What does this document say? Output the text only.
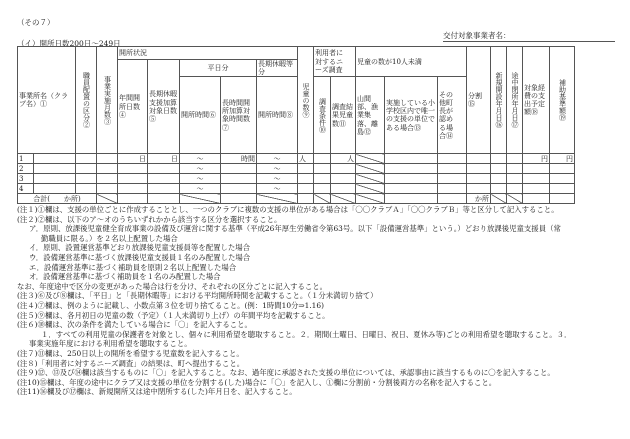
（その７）
交付対象事業者名：
（イ）開所日数200日～249日
事業所名（クラブ名）①		職員配置の区分②	事業実施月数③	開所状況					児童の数⑨	利用者に対するニーズ調査		児童の数が10人未満			分割⑮	新規開設年月日⑯	途中閉所年月日⑰	対象経費の支出予定額⑱	補助基準額⑲

				年間開所日数④	長期休暇支援加算対象日数⑤	平日分		長期休暇等分											

						開所時間⑥	長時間開所加算対象時間数⑦	開所時間⑧		調査条件⑩	調査結果児童数⑪	山間部、漁業集落、離島⑫	実施している小学校区内で唯一の支援の単位である場合⑬	その他町長が認める場合⑭					

1				日	日	～	時間	～	人		人							円	円
2						～		～											
3						～		～											
4						～		～											
合計(　　か所)															か所				
(注１)①欄は、支援の単位ごとに作成することとし、一つのクラブに複数の支援の単位がある場合は「〇〇クラブＡ」「〇〇クラブＢ」等と区分して記入すること。
(注２)②欄は、以下のア～オのうちいずれかから該当する区分を選択すること。
ア．原則、放課後児童健全育成事業の設備及び運営に関する基準（平成26年厚生労働省令第63号。以下「設備運営基準」という。）どおり放課後児童支援員（常
勤職員に限る。）を２名以上配置した場合
イ．原則、設置運営基準どおり放課後児童支援員等を配置した場合
ウ．設備運営基準に基づく放課後児童支援員１名のみ配置した場合
エ．設備運営基準に基づく補助員を原則２名以上配置した場合
オ．設備運営基準に基づく補助員を１名のみ配置した場合
なお、年度途中で区分の変更があった場合は行を分け、それぞれの区分ごとに記入すること。
(注３)⑥及び⑧欄は、「平日」と「長期休暇等」における平均開所時間を記載すること。（１分未満切り捨て）
(注４)⑦欄は、例のように記載し、小数点第３位を切り捨てること。(例：1時間10分⇒1.16)
(注５)⑨欄は、各月初日の児童の数（予定）（１人未満切り上げ）の年間平均を記載すること。
(注６)⑩欄は、次の条件を満たしている場合に「〇」を記入すること。
１．すべての利用児童の保護者を対象とし、個々に利用希望を聴取すること。２．期間(土曜日、日曜日、祝日、夏休み等)ごとの利用希望を聴取すること。３．
事業実施年度における利用希望を聴取すること。
(注７)⑪欄は、250日以上の開所を希望する児童数を記入すること。
(注８)「利用者に対するニーズ調査」の結果は、町へ提出すること。
(注９)⑫、⑬及び⑭欄は該当するものに「〇」を記入すること。なお、過年度に承認された支援の単位については、承認事由に該当するものに〇を記入すること。
(注10)⑮欄は、年度の途中にクラブ又は支援の単位を分割する(した)場合に「〇」を記入し、①欄に分割前・分割後両方の名称を記入すること。
(注11)⑯欄及び⑰欄は、新規開所又は途中閉所する(した)年月日を、記入すること。
